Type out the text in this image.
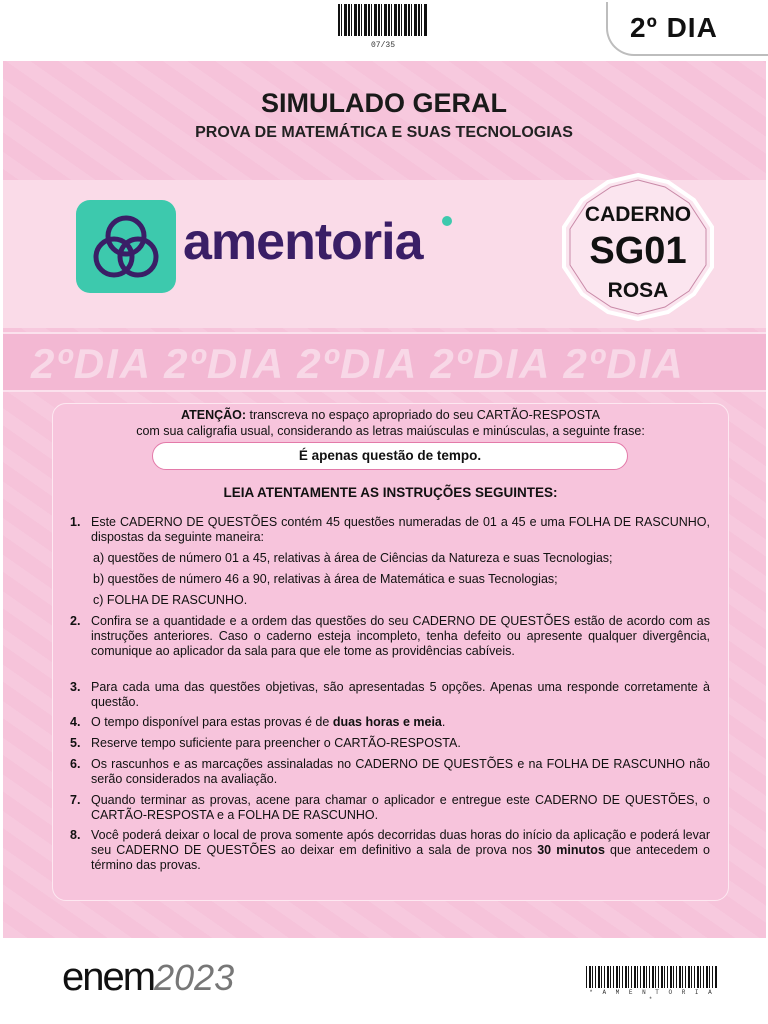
07/35
2º DIA
SIMULADO GERAL
PROVA DE MATEMÁTICA E SUAS TECNOLOGIAS
amentoria	CADERNO
SG01
ROSA
2ºDIA 2ºDIA 2ºDIA 2ºDIA 2ºDIA
ATENÇÃO: transcreva no espaço apropriado do seu CARTÃO-RESPOSTA
com sua caligrafia usual, considerando as letras maiúsculas e minúsculas, a seguinte frase:
É apenas questão de tempo.
LEIA ATENTAMENTE AS INSTRUÇÕES SEGUINTES:
1. Este CADERNO DE QUESTÕES contém 45 questões numeradas de 01 a 45 e uma FOLHA DE RASCUNHO, dispostas da seguinte maneira:
a) questões de número 01 a 45, relativas à área de Ciências da Natureza e suas Tecnologias;
b) questões de número 46 a 90, relativas à área de Matemática e suas Tecnologias;
c) FOLHA DE RASCUNHO.
2. Confira se a quantidade e a ordem das questões do seu CADERNO DE QUESTÕES estão de acordo com as instruções anteriores. Caso o caderno esteja incompleto, tenha defeito ou apresente qualquer divergência, comunique ao aplicador da sala para que ele tome as providências cabíveis.
3. Para cada uma das questões objetivas, são apresentadas 5 opções. Apenas uma responde corretamente à questão.
4. O tempo disponível para estas provas é de duas horas e meia.
5. Reserve tempo suficiente para preencher o CARTÃO-RESPOSTA.
6. Os rascunhos e as marcações assinaladas no CADERNO DE QUESTÕES e na FOLHA DE RASCUNHO não serão considerados na avaliação.
7. Quando terminar as provas, acene para chamar o aplicador e entregue este CADERNO DE QUESTÕES, o CARTÃO-RESPOSTA e a FOLHA DE RASCUNHO.
8. Você poderá deixar o local de prova somente após decorridas duas horas do início da aplicação e poderá levar seu CADERNO DE QUESTÕES ao deixar em definitivo a sala de prova nos 30 minutos que antecedem o término das provas.
enem2023	* A M E N T O R I A *
